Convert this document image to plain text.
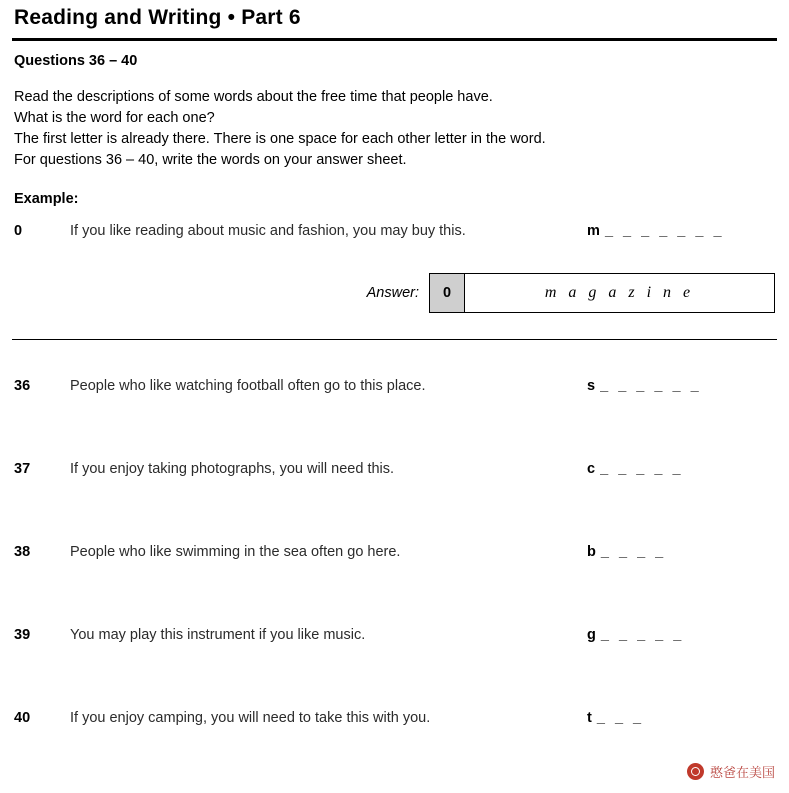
Reading and Writing • Part 6
Questions 36 – 40
Read the descriptions of some words about the free time that people have.
What is the word for each one?
The first letter is already there. There is one space for each other letter in the word.
For questions 36 – 40, write the words on your answer sheet.
Example:
0	If you like reading about music and fashion, you may buy this.	m _ _ _ _ _ _ _
Answer:	0	m a g a z i n e
36	People who like watching football often go to this place.	s _ _ _ _ _ _
37	If you enjoy taking photographs, you will need this.	c _ _ _ _ _
38	People who like swimming in the sea often go here.	b _ _ _ _
39	You may play this instrument if you like music.	g _ _ _ _ _
40	If you enjoy camping, you will need to take this with you.	t _ _ _
憨爸在美国
